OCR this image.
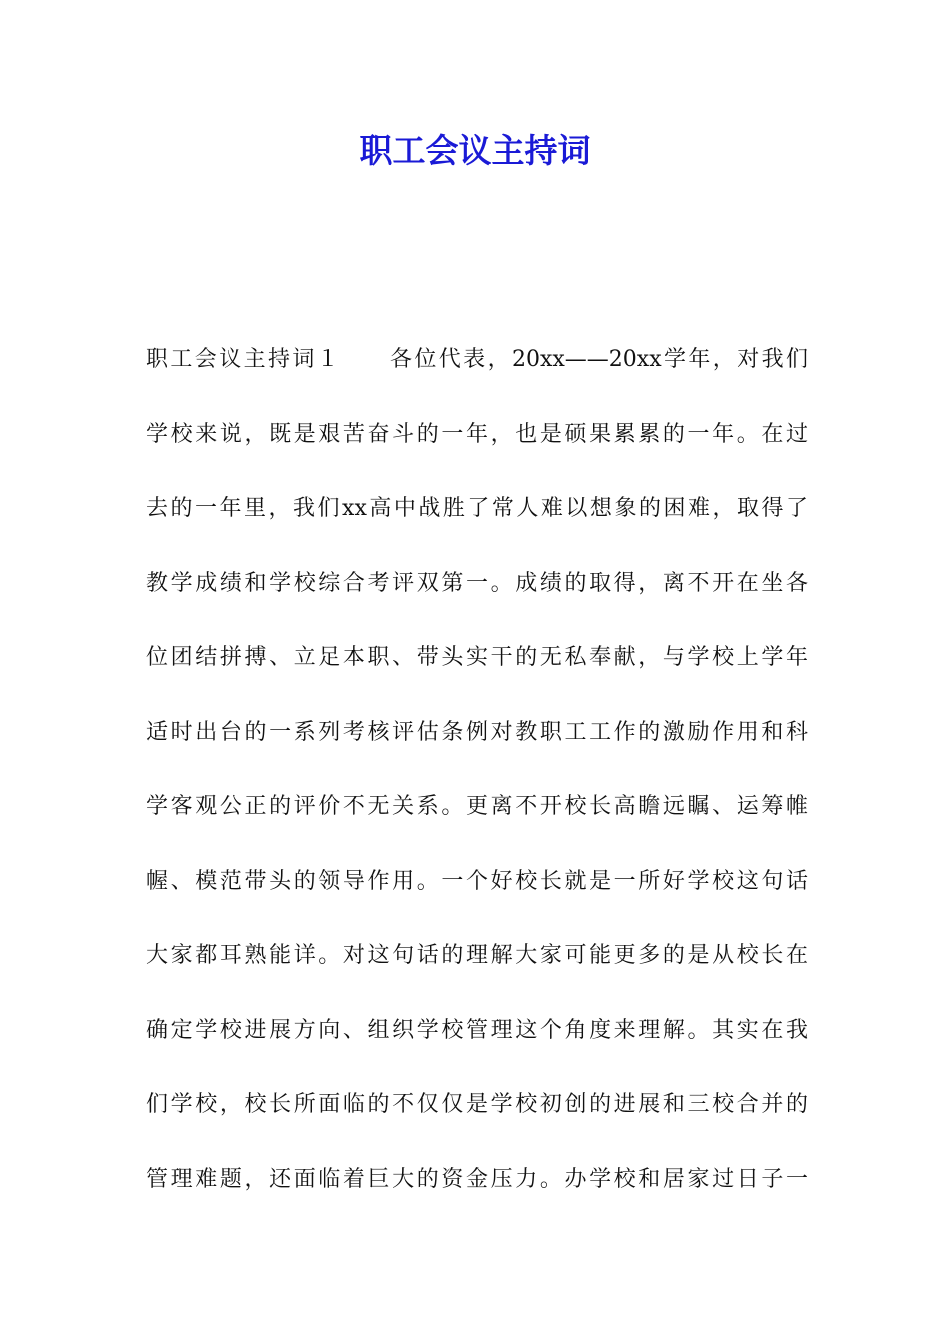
职工会议主持词
职工会议主持词１　　各位代表，20xx——20xx学年，对我们
学校来说，既是艰苦奋斗的一年，也是硕果累累的一年。在过
去的一年里，我们xx高中战胜了常人难以想象的困难，取得了
教学成绩和学校综合考评双第一。成绩的取得，离不开在坐各
位团结拼搏、立足本职、带头实干的无私奉献，与学校上学年
适时出台的一系列考核评估条例对教职工工作的激励作用和科
学客观公正的评价不无关系。更离不开校长高瞻远瞩、运筹帷
幄、模范带头的领导作用。一个好校长就是一所好学校这句话
大家都耳熟能详。对这句话的理解大家可能更多的是从校长在
确定学校进展方向、组织学校管理这个角度来理解。其实在我
们学校，校长所面临的不仅仅是学校初创的进展和三校合并的
管理难题，还面临着巨大的资金压力。办学校和居家过日子一
